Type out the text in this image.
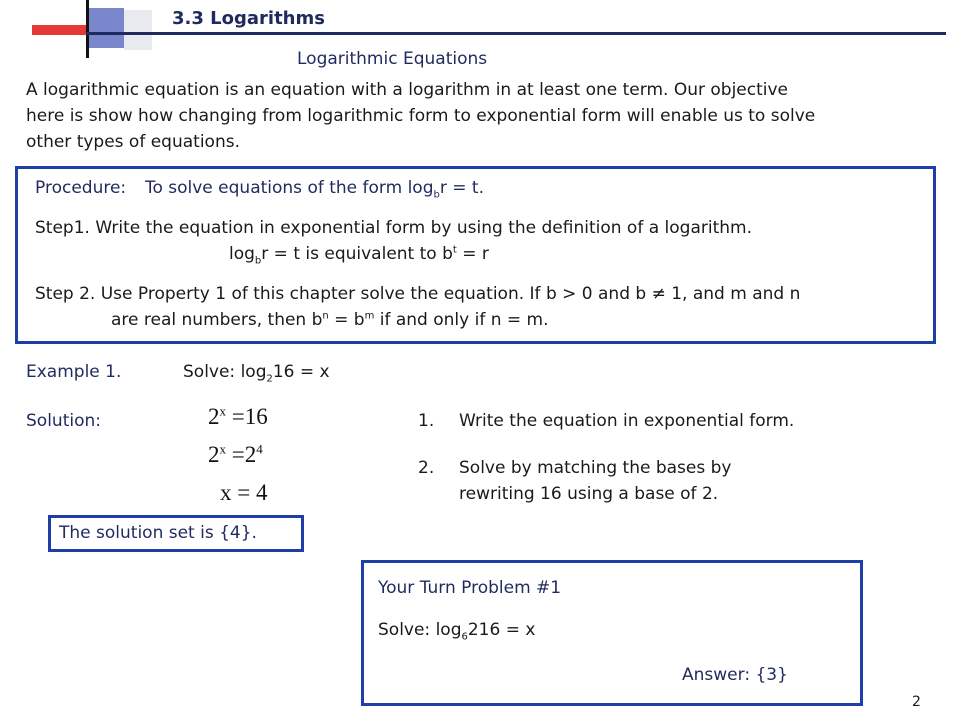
3.3 Logarithms
Logarithmic Equations
A logarithmic equation is an equation with a logarithm in at least one term. Our objective
here is show how changing from logarithmic form to exponential form will enable us to solve
other types of equations.
Procedure: To solve equations of the form $\log_br = t$.
Step1. Write the equation in exponential form by using the definition of a logarithm.
$\log_br = t$ is equivalent to $b^t = r$
Step 2. Use Property 1 of this chapter solve the equation. If b > 0 and b ≠ 1, and m and n
are real numbers, then $b^n = b^m$ if and only if n = m.
Example 1.	Solve: $\log_216 = x$
Solution:	$2^x =16$
$2^x =2^4$
x = 4
1. Write the equation in exponential form.
2. Solve by matching the bases by
rewriting 16 using a base of 2.
The solution set is {4}.
Your Turn Problem #1
Solve: $\log_6216 = x$
Answer: {3}
2
